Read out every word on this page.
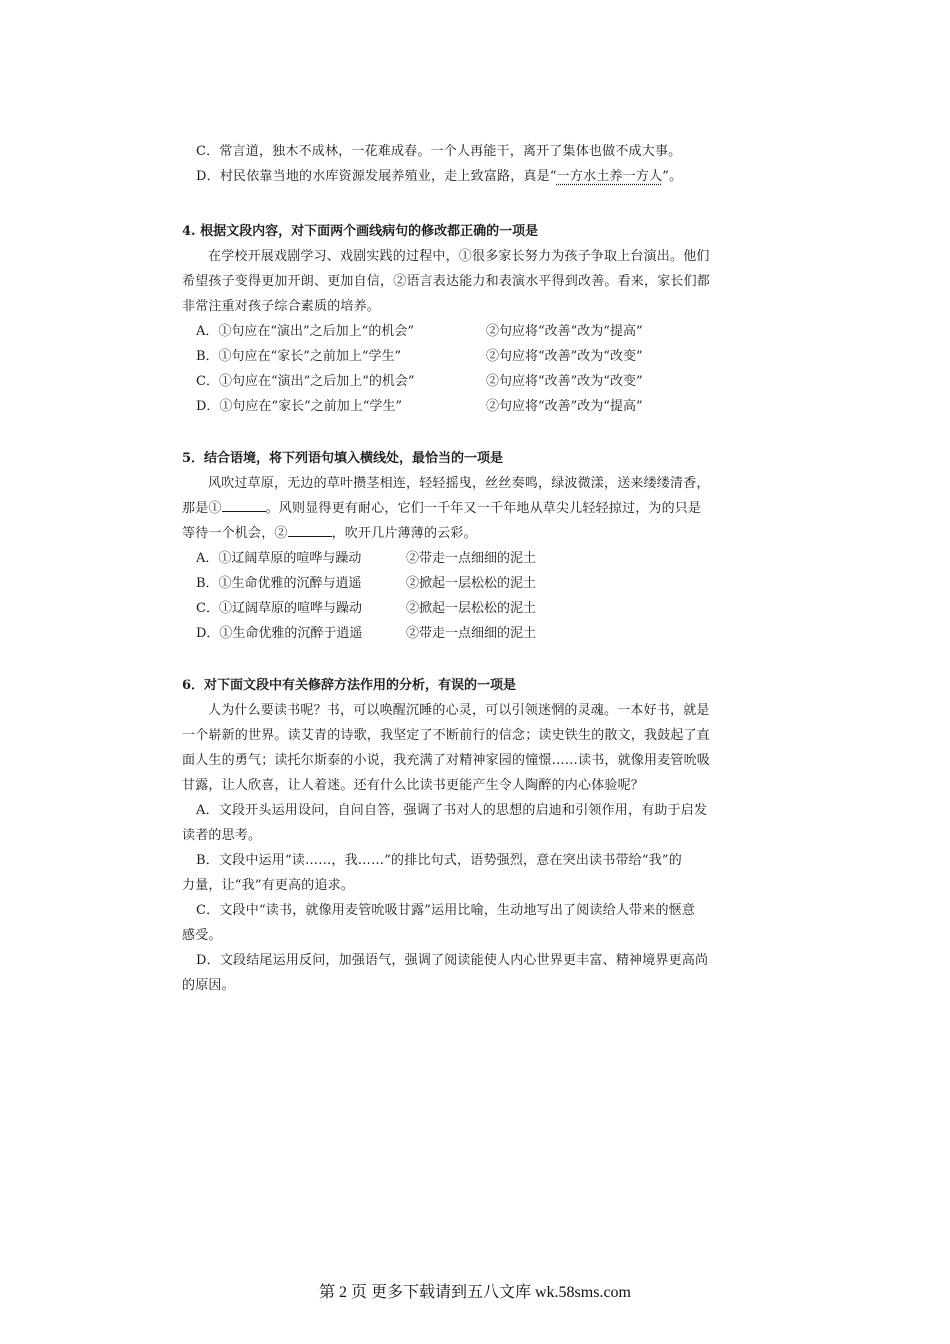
C．常言道，独木不成林，一花难成春。一个人再能干，离开了集体也做不成大事。
D．村民依靠当地的水库资源发展养殖业，走上致富路，真是“一方水土养一方人”。
4. 根据文段内容，对下面两个画线病句的修改都正确的一项是
在学校开展戏剧学习、戏剧实践的过程中，①很多家长努力为孩子争取上台演出。他们
希望孩子变得更加开朗、更加自信，②语言表达能力和表演水平得到改善。看来，家长们都
非常注重对孩子综合素质的培养。
A．①句应在“演出”之后加上“的机会”	②句应将“改善”改为“提高”
B．①句应在“家长”之前加上“学生”	②句应将“改善”改为“改变”
C．①句应在“演出”之后加上“的机会”	②句应将“改善”改为“改变”
D．①句应在“家长”之前加上“学生”	②句应将“改善”改为“提高”
5．结合语境，将下列语句填入横线处，最恰当的一项是
风吹过草原，无边的草叶攒茎相连，轻轻摇曳，丝丝奏鸣，绿波微漾，送来缕缕清香，
那是①	。风则显得更有耐心，它们一千年又一千年地从草尖儿轻轻掠过，为的只是
等待一个机会，②	，吹开几片薄薄的云彩。
A．①辽阔草原的喧哗与躁动	②带走一点细细的泥土
B．①生命优雅的沉醉与逍遥	②掀起一层松松的泥土
C．①辽阔草原的喧哗与躁动	②掀起一层松松的泥土
D．①生命优雅的沉醉于逍遥	②带走一点细细的泥土
6．对下面文段中有关修辞方法作用的分析，有误的一项是
人为什么要读书呢？书，可以唤醒沉睡的心灵，可以引领迷惘的灵魂。一本好书，就是
一个崭新的世界。读艾青的诗歌，我坚定了不断前行的信念；读史铁生的散文，我鼓起了直
面人生的勇气；读托尔斯泰的小说，我充满了对精神家园的憧憬……读书，就像用麦管吮吸
甘露，让人欣喜，让人着迷。还有什么比读书更能产生令人陶醉的内心体验呢？
A．文段开头运用设问，自问自答，强调了书对人的思想的启迪和引领作用，有助于启发
读者的思考。
B．文段中运用“读……，我……”的排比句式，语势强烈，意在突出读书带给“我”的
力量，让“我”有更高的追求。
C．文段中“读书，就像用麦管吮吸甘露”运用比喻，生动地写出了阅读给人带来的惬意
感受。
D．文段结尾运用反问，加强语气，强调了阅读能使人内心世界更丰富、精神境界更高尚
的原因。
第 2 页 更多下载请到五八文库 wk.58sms.com
